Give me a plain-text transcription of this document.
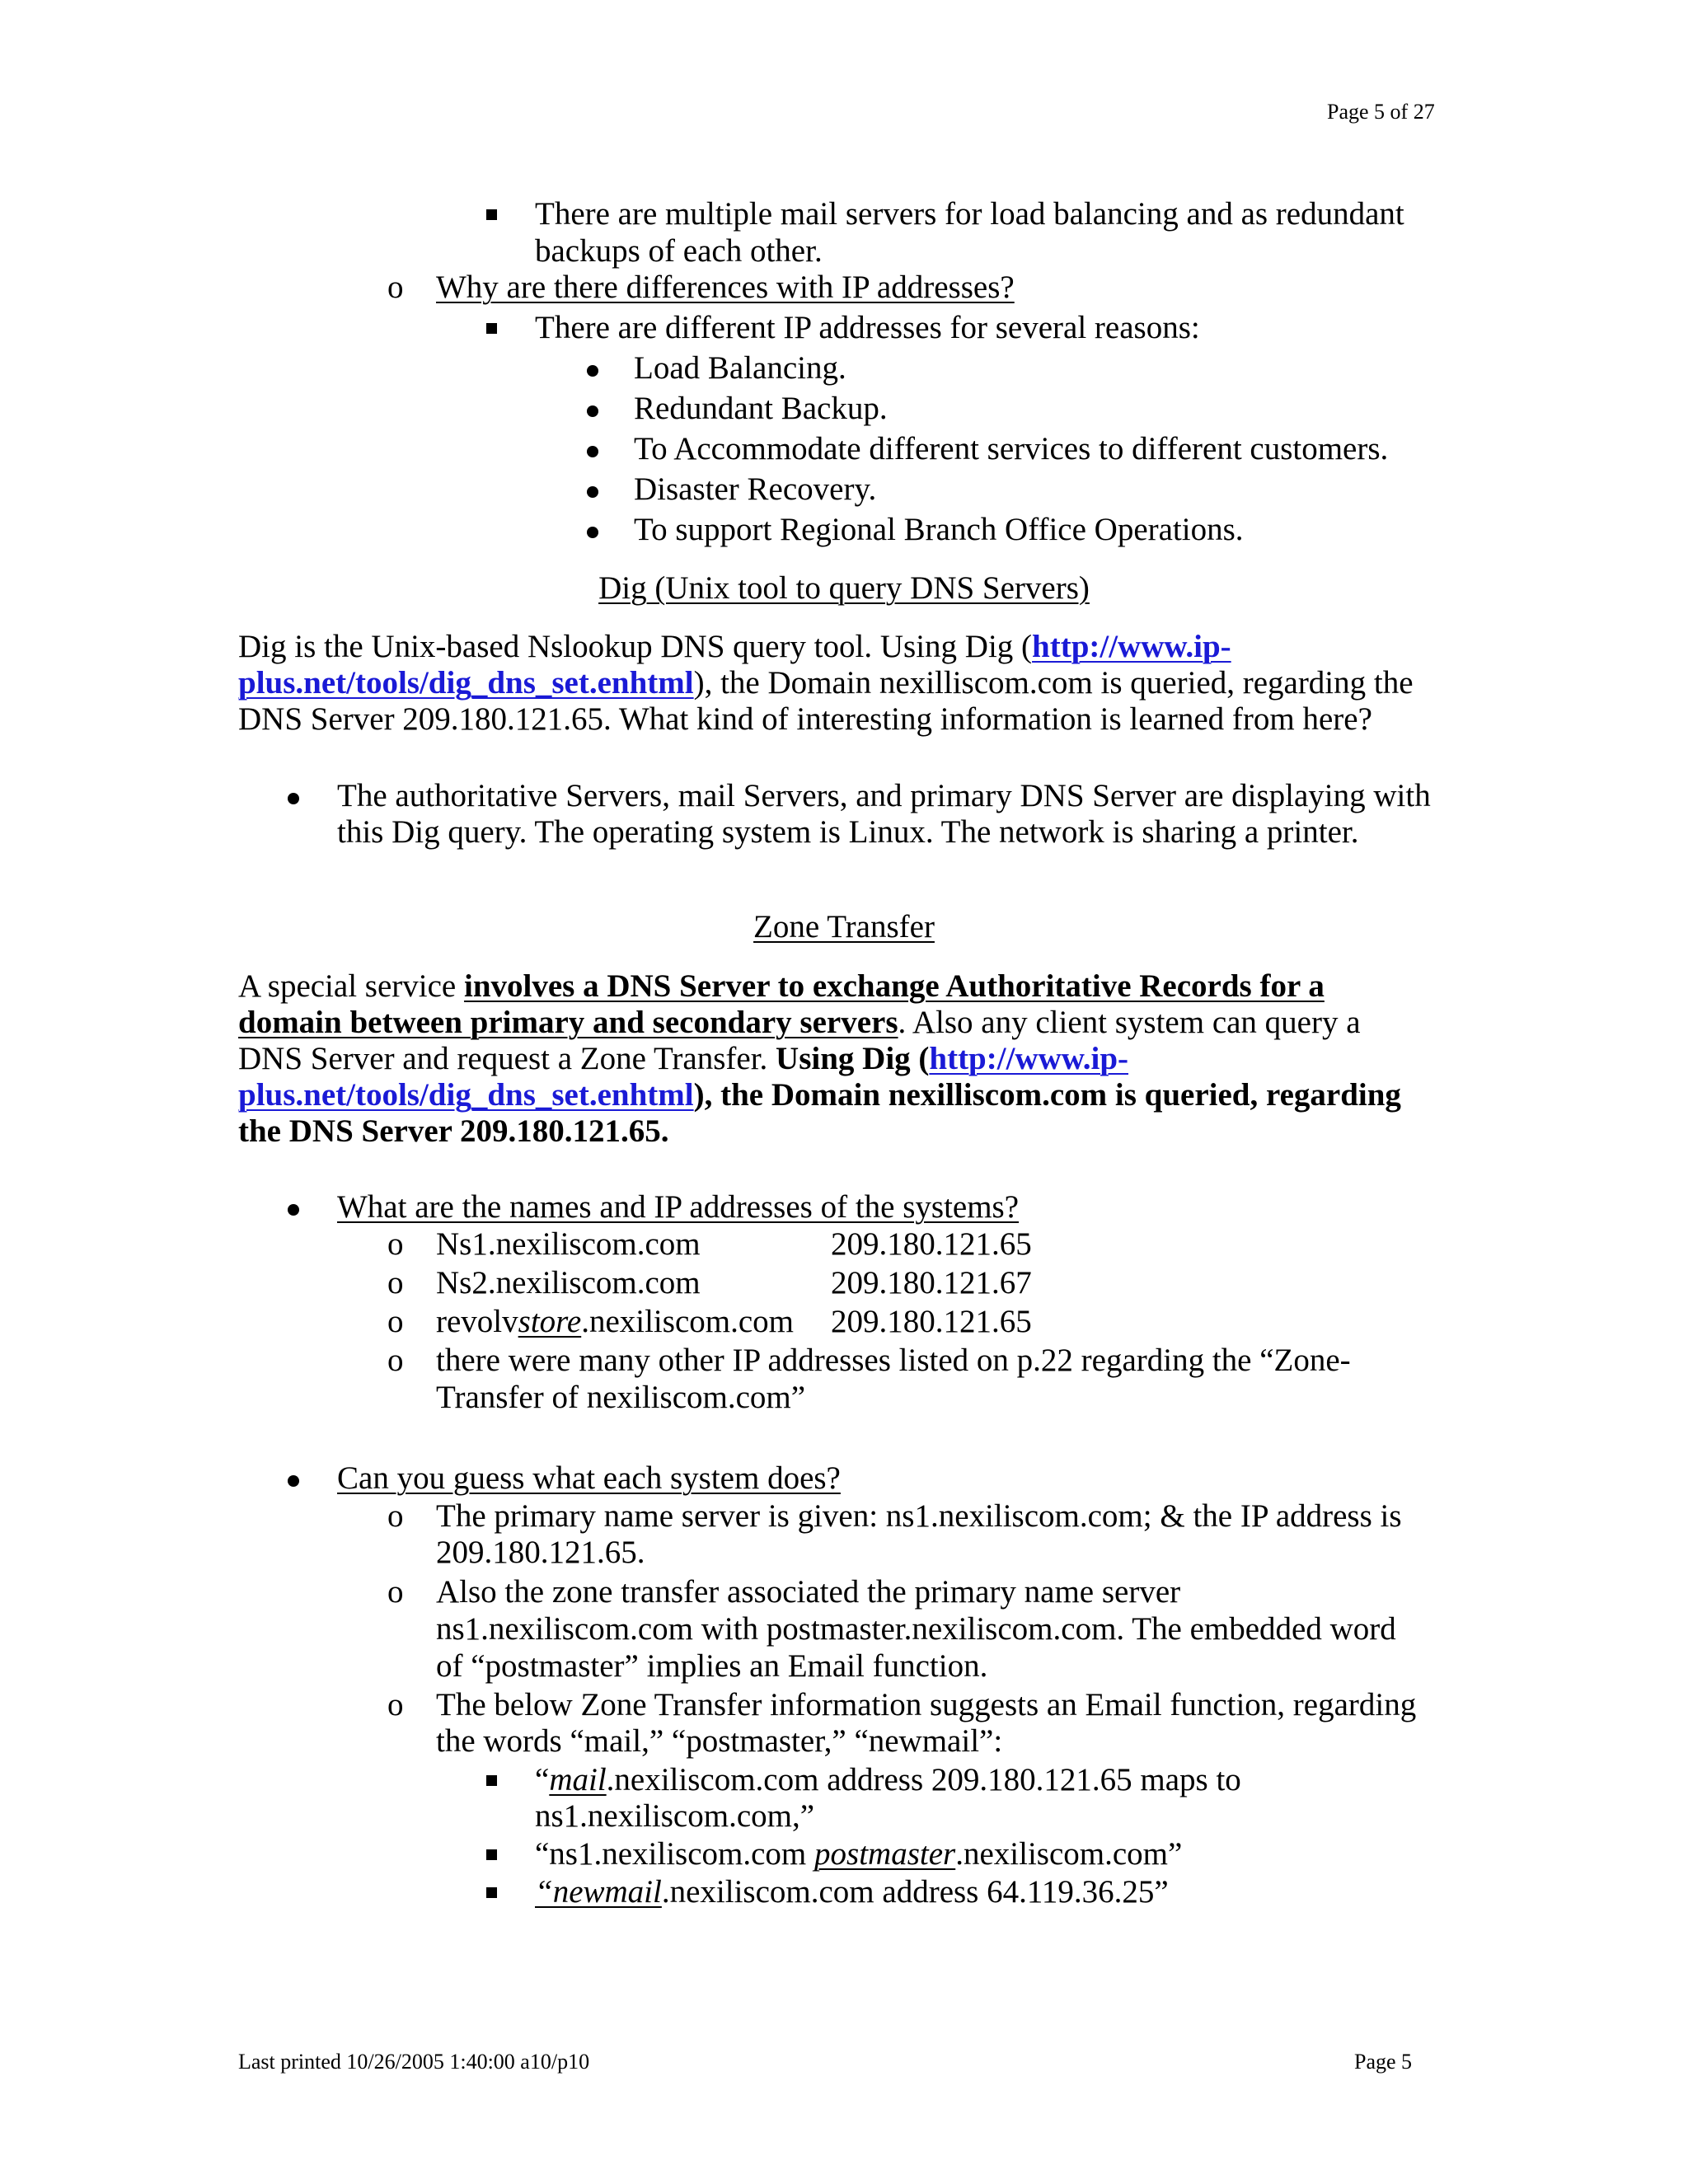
Page 5 of 27
There are multiple mail servers for load balancing and as redundant
backups of each other.
o Why are there differences with IP addresses?
There are different IP addresses for several reasons:
Load Balancing.
Redundant Backup.
To Accommodate different services to different customers.
Disaster Recovery.
To support Regional Branch Office Operations.
Dig (Unix tool to query DNS Servers)
Dig is the Unix-based Nslookup DNS query tool. Using Dig (http://www.ip-
plus.net/tools/dig_dns_set.enhtml), the Domain nexilliscom.com is queried, regarding the
DNS Server 209.180.121.65. What kind of interesting information is learned from here?
The authoritative Servers, mail Servers, and primary DNS Server are displaying with
this Dig query. The operating system is Linux. The network is sharing a printer.
Zone Transfer
A special service involves a DNS Server to exchange Authoritative Records for a
domain between primary and secondary servers. Also any client system can query a
DNS Server and request a Zone Transfer. Using Dig (http://www.ip-
plus.net/tools/dig_dns_set.enhtml), the Domain nexilliscom.com is queried, regarding
the DNS Server 209.180.121.65.
What are the names and IP addresses of the systems?
o Ns1.nexiliscom.com	209.180.121.65
o Ns2.nexiliscom.com	209.180.121.67
o revolvstore.nexiliscom.com 209.180.121.65
o there were many other IP addresses listed on p.22 regarding the “Zone-
Transfer of nexiliscom.com”
Can you guess what each system does?
o The primary name server is given: ns1.nexiliscom.com; & the IP address is
209.180.121.65.
o Also the zone transfer associated the primary name server
ns1.nexiliscom.com with postmaster.nexiliscom.com. The embedded word
of “postmaster” implies an Email function.
o The below Zone Transfer information suggests an Email function, regarding
the words “mail,” “postmaster,” “newmail”:
“mail.nexiliscom.com address 209.180.121.65 maps to
ns1.nexiliscom.com,”
“ns1.nexiliscom.com postmaster.nexiliscom.com”
“newmail.nexiliscom.com address 64.119.36.25”
Last printed 10/26/2005 1:40:00 a10/p10	Page 5
